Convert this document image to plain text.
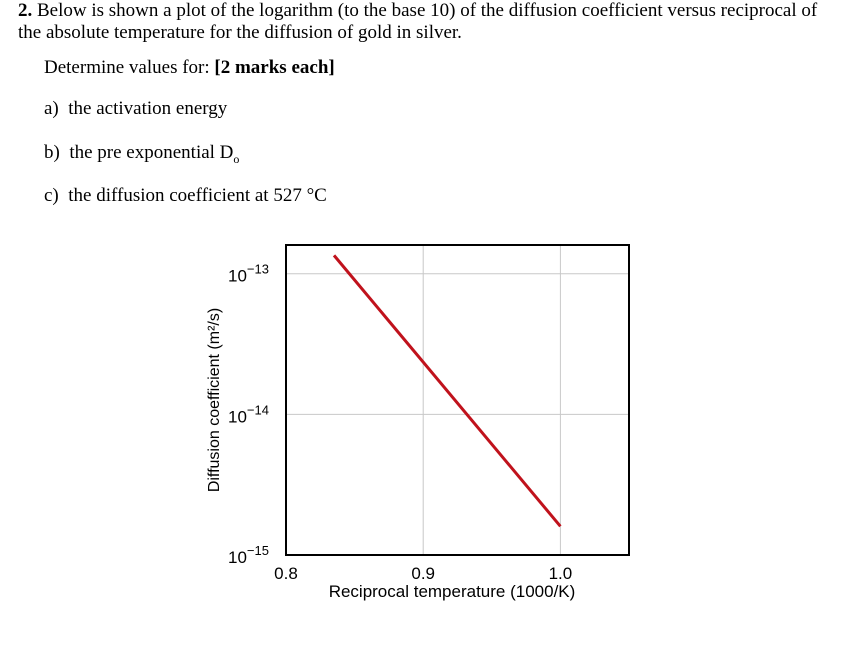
2. Below is shown a plot of the logarithm (to the base 10) of the diffusion coefficient versus reciprocal of the absolute temperature for the diffusion of gold in silver.
Determine values for: [2 marks each]
a) the activation energy
b) the pre exponential $D_o$
c) the diffusion coefficient at 527 °C
$10^{-13}$
$10^{-14}$
$10^{-15}$
0.8	0.9	1.0
Reciprocal temperature (1000/K)
Diffusion coefficient (m²/s)
